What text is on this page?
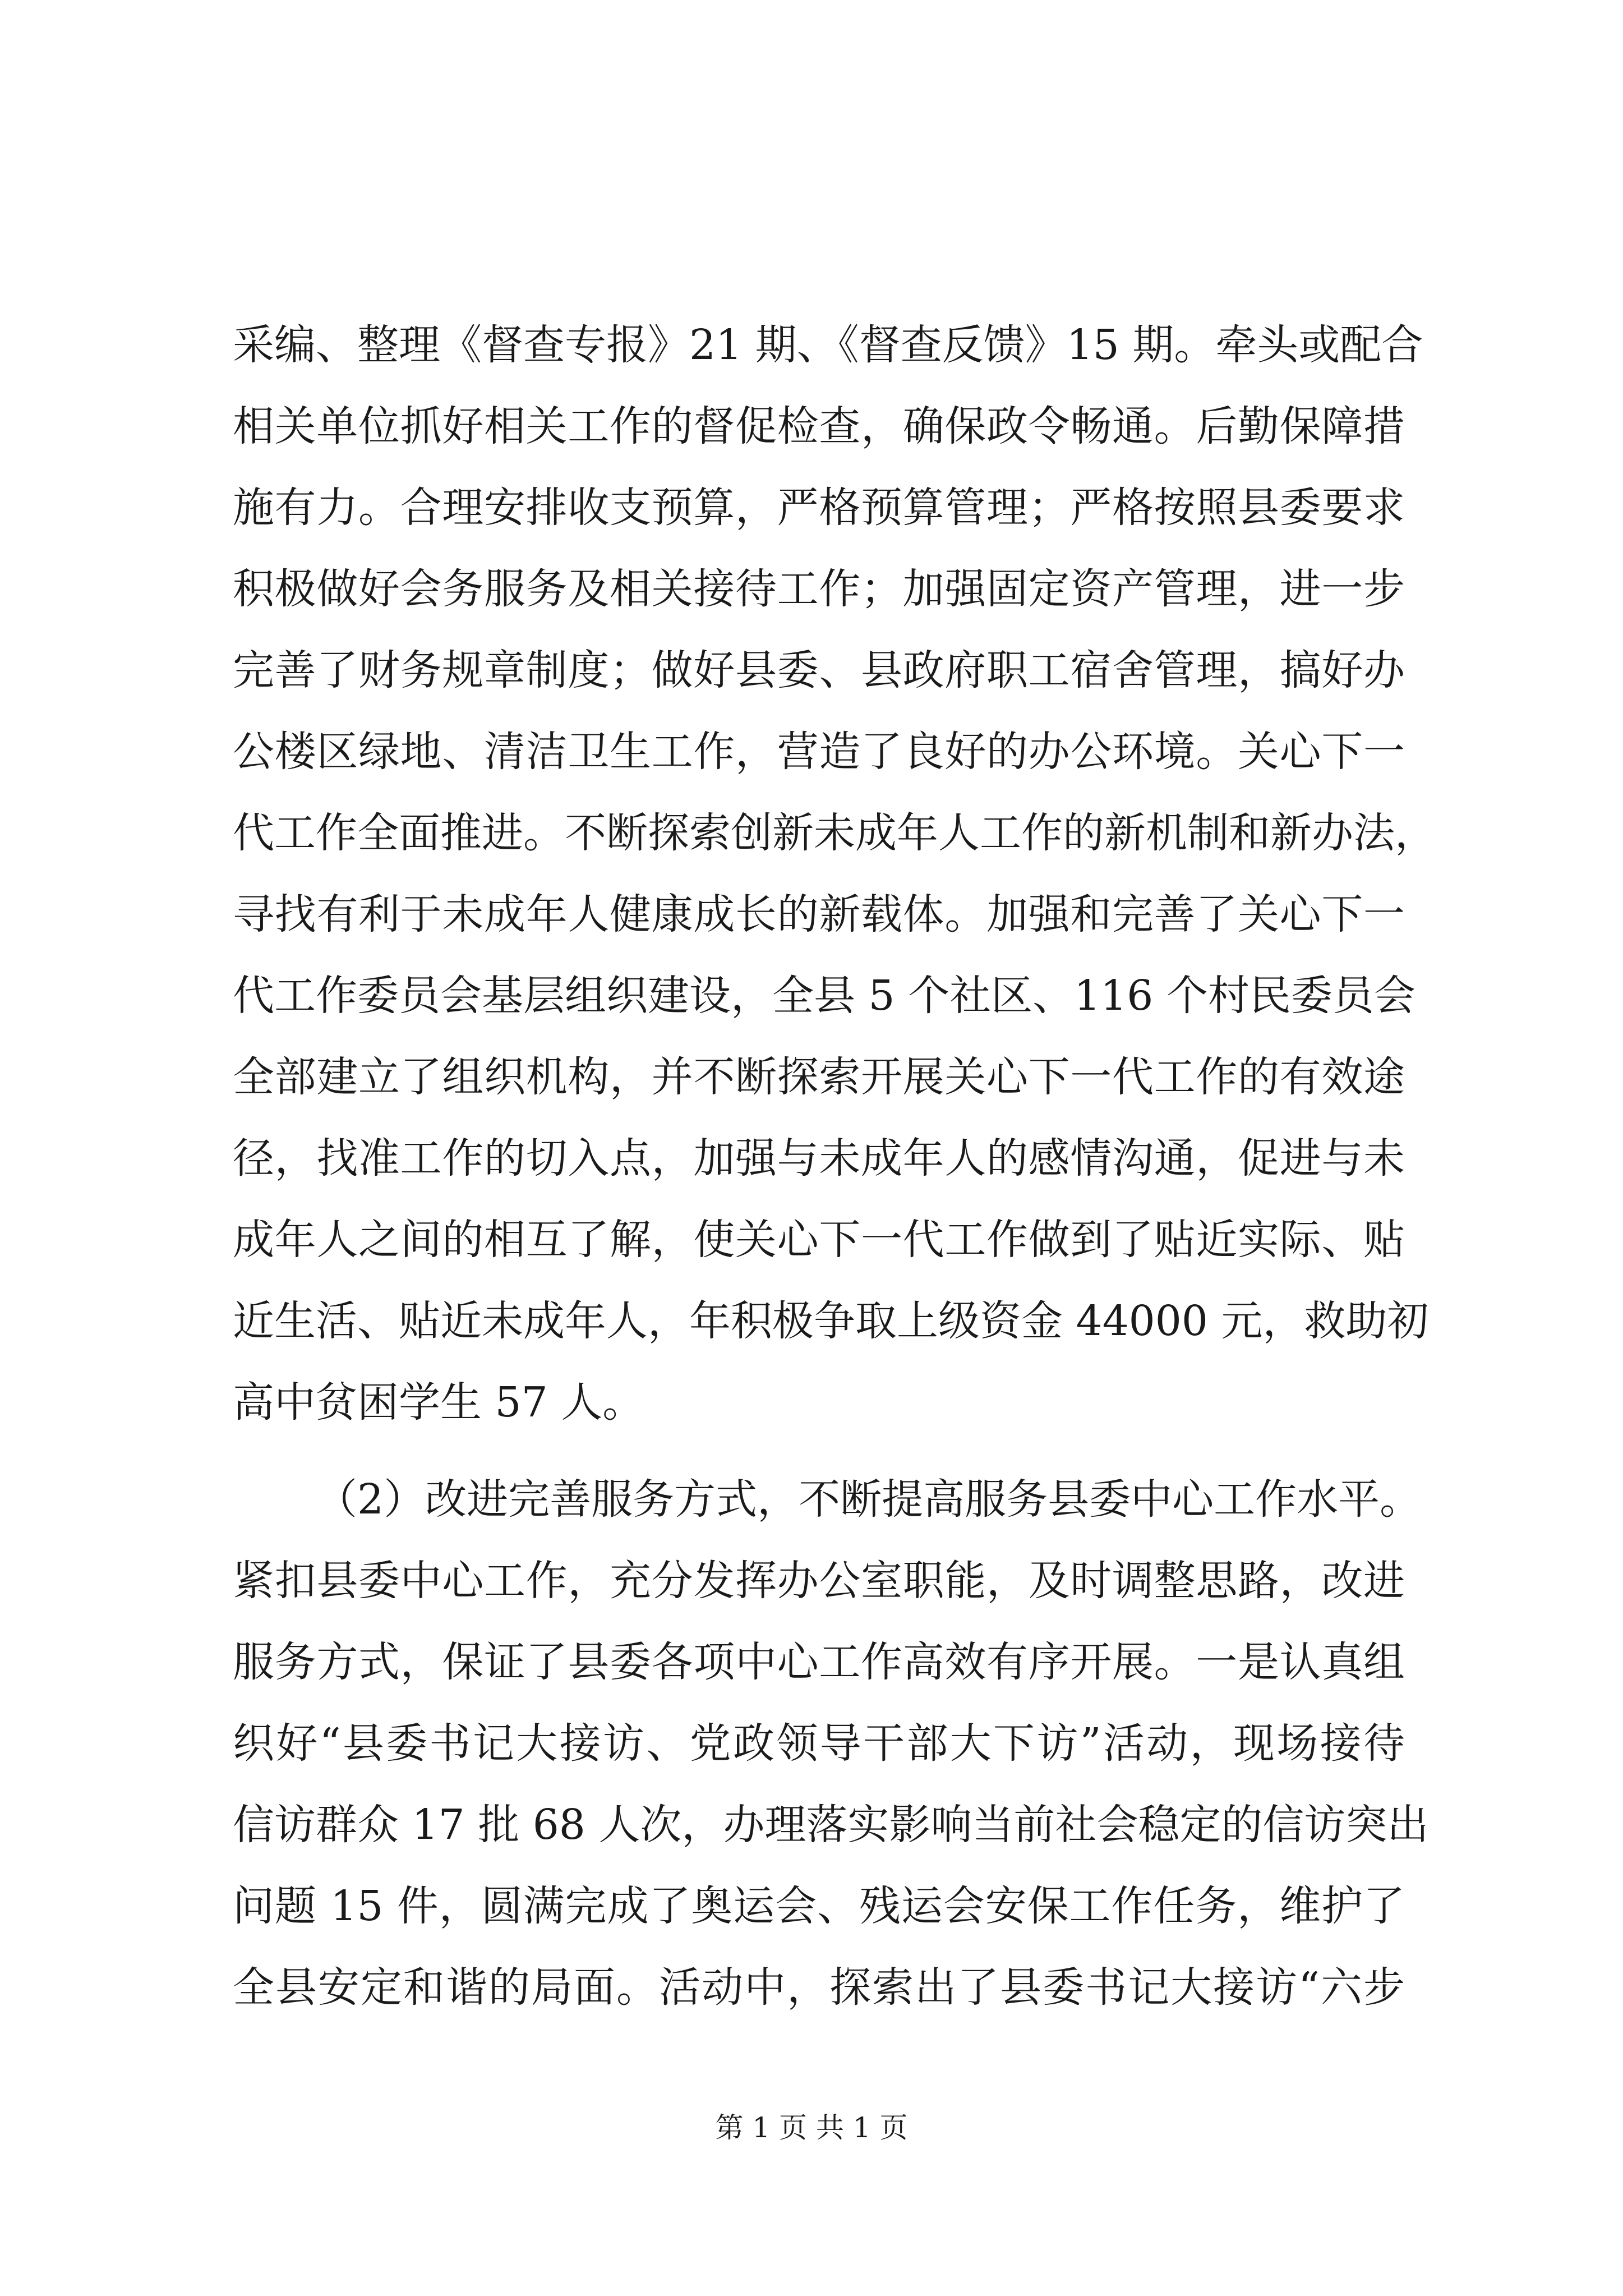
采编、整理《督查专报》21 期、《督查反馈》15 期。牵头或配合
相关单位抓好相关工作的督促检查，确保政令畅通。后勤保障措
施有力。合理安排收支预算，严格预算管理；严格按照县委要求
积极做好会务服务及相关接待工作；加强固定资产管理，进一步
完善了财务规章制度；做好县委、县政府职工宿舍管理，搞好办
公楼区绿地、清洁卫生工作，营造了良好的办公环境。关心下一
代工作全面推进。不断探索创新未成年人工作的新机制和新办法，
寻找有利于未成年人健康成长的新载体。加强和完善了关心下一
代工作委员会基层组织建设，全县 5 个社区、116 个村民委员会
全部建立了组织机构，并不断探索开展关心下一代工作的有效途
径，找准工作的切入点，加强与未成年人的感情沟通，促进与未
成年人之间的相互了解，使关心下一代工作做到了贴近实际、贴
近生活、贴近未成年人，年积极争取上级资金 44000 元，救助初
高中贫困学生 57 人。
（2）改进完善服务方式，不断提高服务县委中心工作水平。
紧扣县委中心工作，充分发挥办公室职能，及时调整思路，改进
服务方式，保证了县委各项中心工作高效有序开展。一是认真组
织好“县委书记大接访、党政领导干部大下访”活动，现场接待
信访群众 17 批 68 人次，办理落实影响当前社会稳定的信访突出
问题 15 件，圆满完成了奥运会、残运会安保工作任务，维护了
全县安定和谐的局面。活动中，探索出了县委书记大接访“六步
第 1 页 共 1 页
